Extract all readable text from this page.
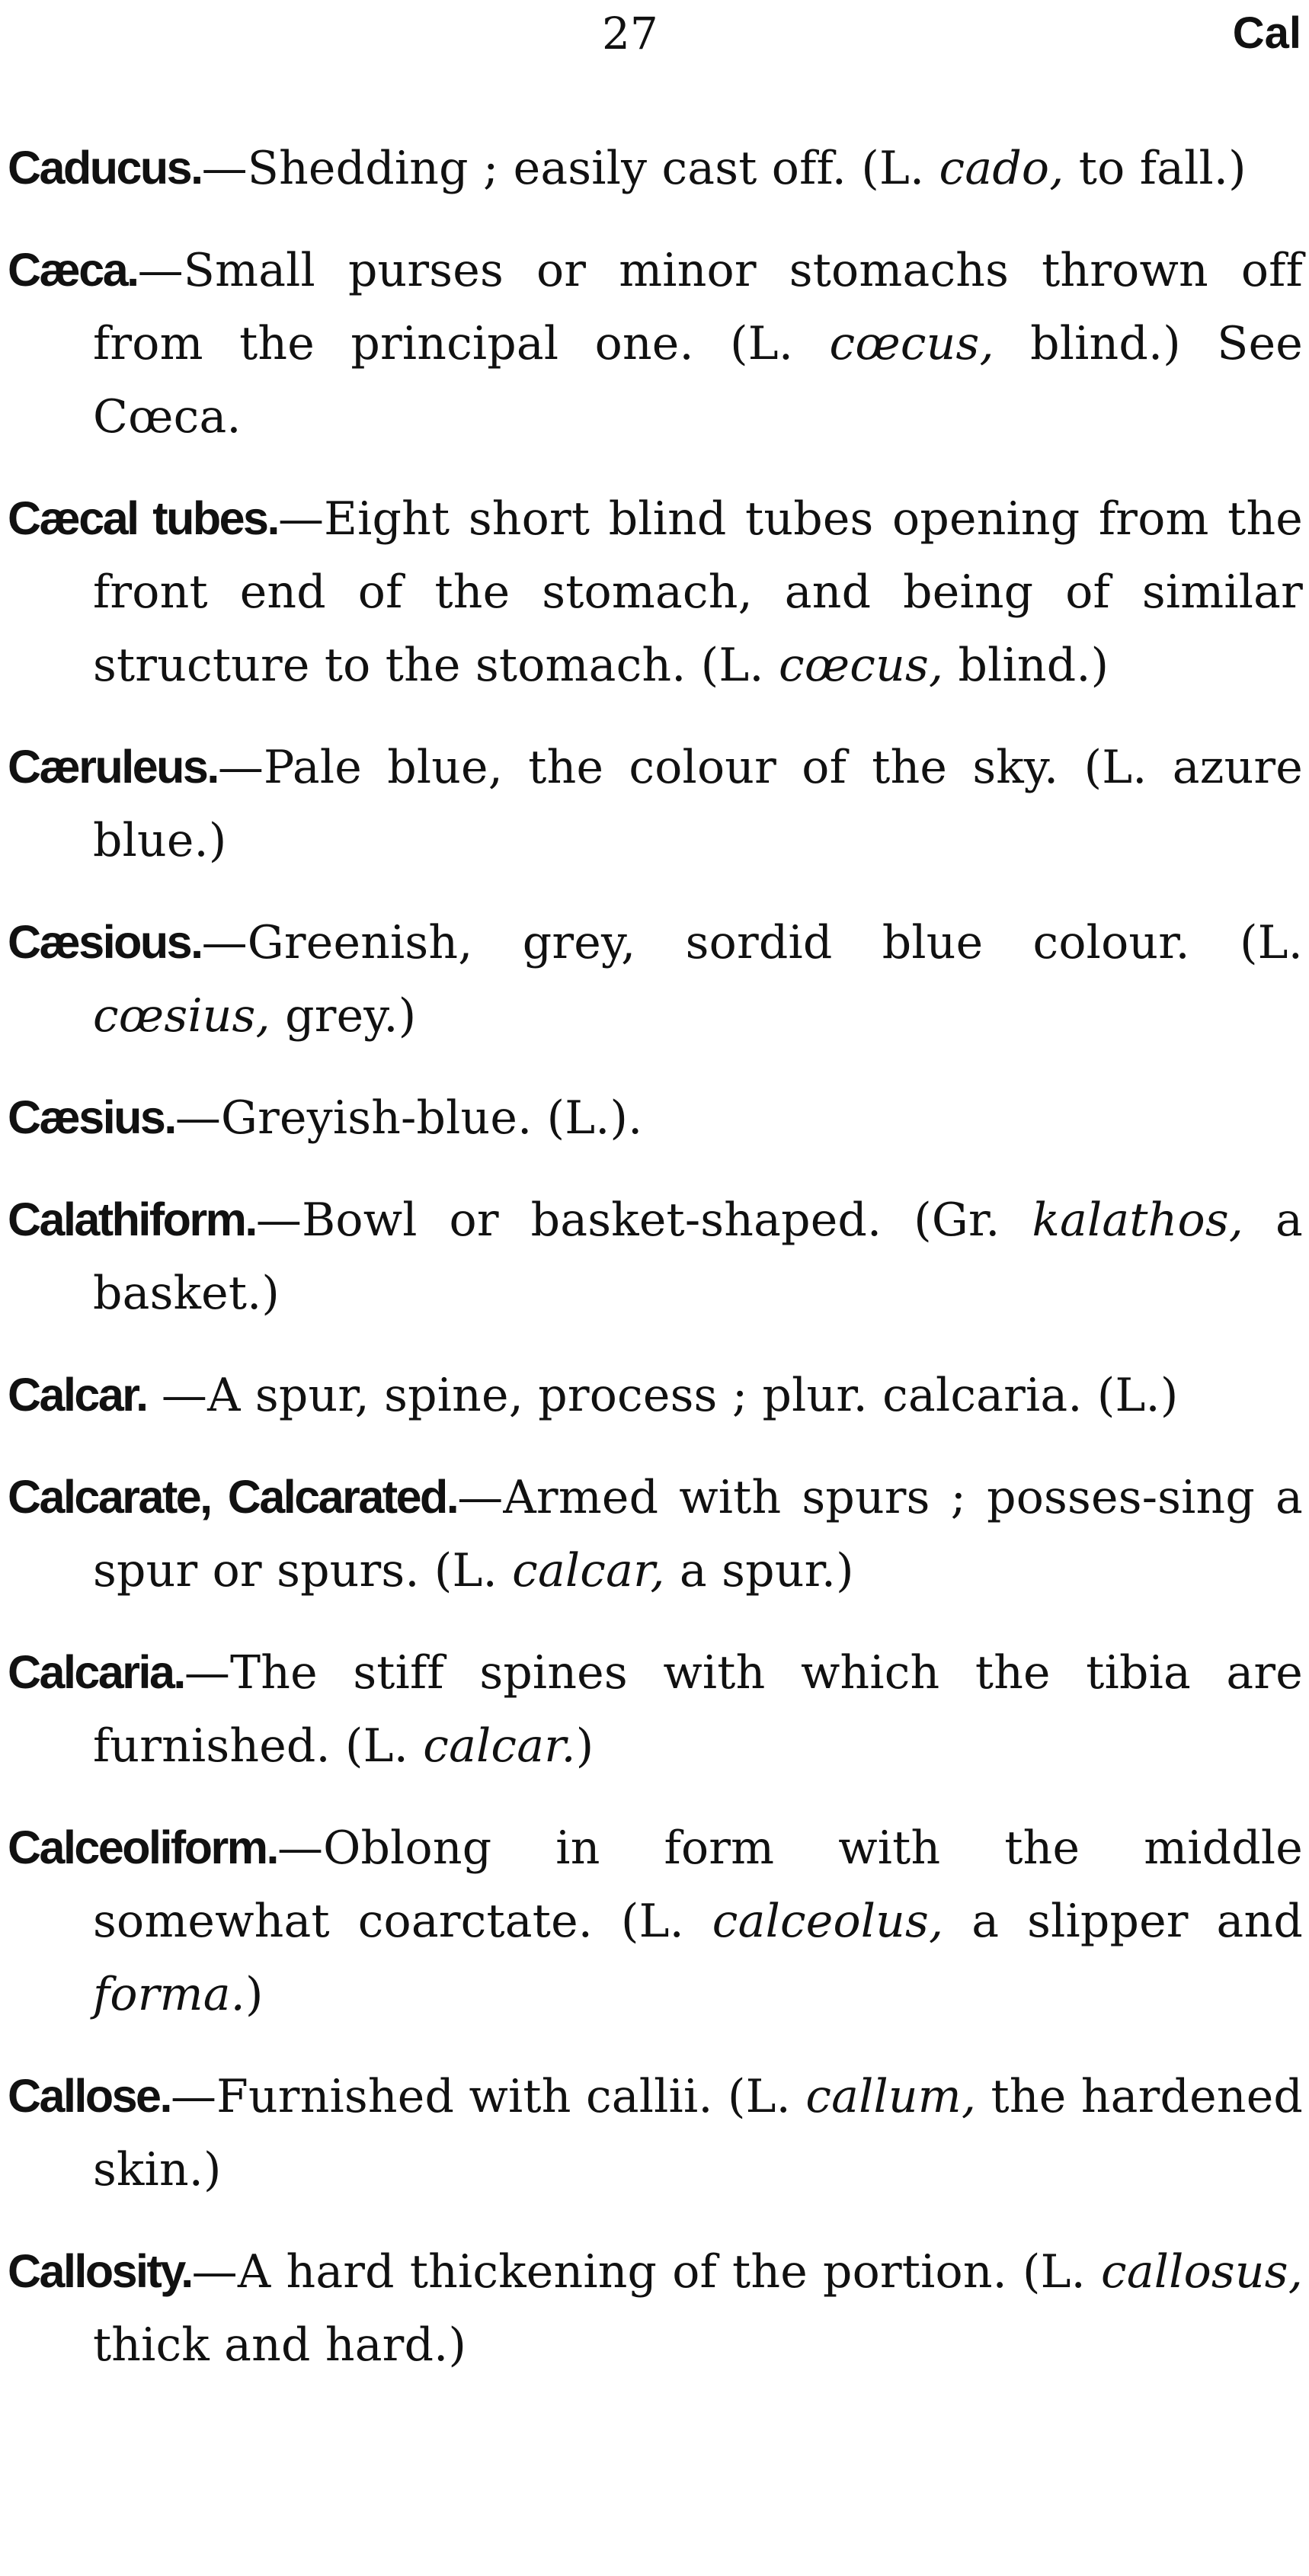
27	Cal

Caducus.—Shedding ; easily cast off. (L. cado, to fall.)

Cæca.—Small purses or minor stomachs thrown off from the principal one. (L. cœcus, blind.) See Cœca.

Cæcal tubes.—Eight short blind tubes opening from the front end of the stomach, and being of similar structure to the stomach. (L. cœcus, blind.)

Cæruleus.—Pale blue, the colour of the sky. (L. azure blue.)

Cæsious.—Greenish, grey, sordid blue colour. (L. cœsius, grey.)

Cæsius.—Greyish-blue. (L.).

Calathiform.—Bowl or basket-shaped. (Gr. kalathos, a basket.)

Calcar. —A spur, spine, process ; plur. calcaria. (L.)

Calcarate, Calcarated.—Armed with spurs ; posses-sing a spur or spurs. (L. calcar, a spur.)

Calcaria.—The stiff spines with which the tibia are furnished. (L. calcar.)

Calceoliform.—Oblong in form with the middle somewhat coarctate. (L. calceolus, a slipper and forma.)

Callose.—Furnished with callii. (L. callum, the hardened skin.)

Callosity.—A hard thickening of the portion. (L. callosus, thick and hard.)
